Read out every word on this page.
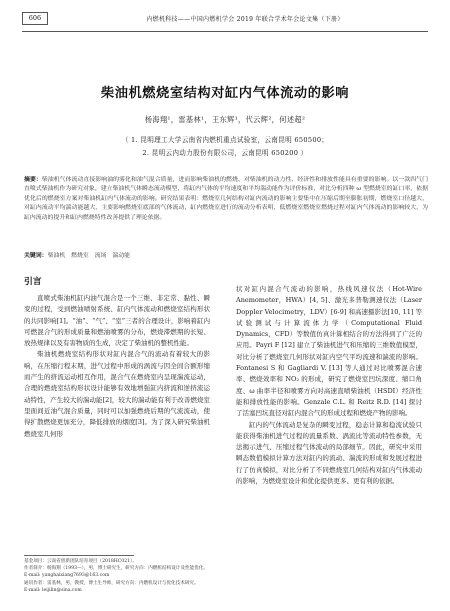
606	内燃机科技——中国内燃机学会 2019 年联合学术年会论文集（下册）
柴油机燃烧室结构对缸内气体流动的影响
杨海翔¹，雷基林¹，王东辉¹，代云辉²，何述超²
（ 1. 昆明理工大学云南省内燃机重点试验室，云南昆明 650500；
2. 昆明云内动力股份有限公司，云南昆明 650200 ）
摘要：柴油机气体流动直接影响油的雾化和油气混合质量，进而影响柴油机的燃烧、对柴油机的动力性、经济性和排放性能具有重要的影响。以一款四气门直喷式柴油机作为研究对象，建立柴油机气体瞬态流动模型，将缸内气体的平均速度和平均湍动能作为评价标准，对比分析四种 ω 型燃烧室的缸口率，依据优化后的燃烧室方案对柴油机缸内气体流动的影响。研究结果表明：燃烧室几何结构对缸内流动的影响主要集中在压缩后期至膨胀初期，燃烧室口径越大，对缸内流动平均湍动能越大，主要影响燃烧室底部的气体流动，缸内燃烧室进行的流动分析表明，低燃烧室燃烧室燃烧过程对缸内气体流动的影响较大，为缸内流动的提升和缸内燃烧特性改善提供了理论依据。
关键词：柴油机　燃烧室　流场　湍动能
引言

直喷式柴油机缸内油气混合是一个三维、非定常、黏性、瞬变的过程，受到燃油喷射系统、缸内气体流动和燃烧室结构形状的共同影响[1]。“油”、“气”、“室”三者的合理设计，影响着缸内可燃混合气的形成质量和燃油喷雾的分布，燃烧滞燃期的长短、放热规律以及有害物质的生成，决定了柴油机的整机性能。

柴油机燃烧室结构形状对缸内混合气的流动有着较大的影响，在压缩行程末期，进气过程中形成的涡流与因全间合额形缩而产生的挤流运动相互作用，混合气在燃烧室内呈现湍流运动，合理的燃烧室结构形状设计能够有效地增强缸内挤流和逆挤流运动特性，产生较大的湍动能[2]，较大的湍动能有利于改善燃烧室里面间近油气混合质量，同时可以加强燃烧后期的气流流动，使得扩散燃烧更加充分，降低排放的烟度[3]。为了深入研究柴油机燃烧室几何形

状对缸内混合气流动的影响，热线风速仪法（Hot-Wire Anemometer，HWA）[4, 5]、激光多普勒测速仪法（Laser Doppler Velocimetry，LDV）[6-9] 和高速摄影法[10, 11] 等试验测试与计算流体力学（Computational Fluid Dynamics，CFD）等数值仿真计算相结合的方法得到了广泛的应用。Payri F [12] 建立了柴油机进气和压缩的三维数值模型，对比分析了燃烧室几何形状对缸内空气平均流速和湍流的影响。Fontanesi S 和 Gagliardi V. [13] 等人通过对比喷雾混合速率、燃烧效率和 NO₂ 的形成，研究了燃烧室凹坑深度、缩口角度、ω 曲率半径和喷雾方向对高速直喷柴油机（HSDI）经济性能和排放性能的影响。Genzale C.L. 和 Reitz R.D. [14] 探讨了活塞凹坑直径对缸内混合气的形成过程和燃烧产物的影响。

缸内的气体流动是复杂的瞬变过程，稳态计算和稳流试验只能获得柴油机进气过程的流量系数、涡流比等流动特性参数，无法揭示进气、压缩过程气体流动的局部细节。因此，研究中采用瞬态数值模拟计算方法对缸内的流动、湍流的形成和发展过程进行了仿真模拟，对比分析了不同燃烧室几何结构对缸内气体流动的影响，为燃烧室设计和优化提供更多、更有利的依据。

基金项目：云南省创新团队培育项目（2018HC021）。
作者简介：杨海翔（1993—），男，博士研究生，研究方向：内燃机结构设计及性能优化。
E-mail: yanghaixiang7693@163.com
通讯作者：雷基林，男，教授，博士生导师，研究方向：内燃机设计与优化技术研究。
E-mail: leijilin@sina.com
